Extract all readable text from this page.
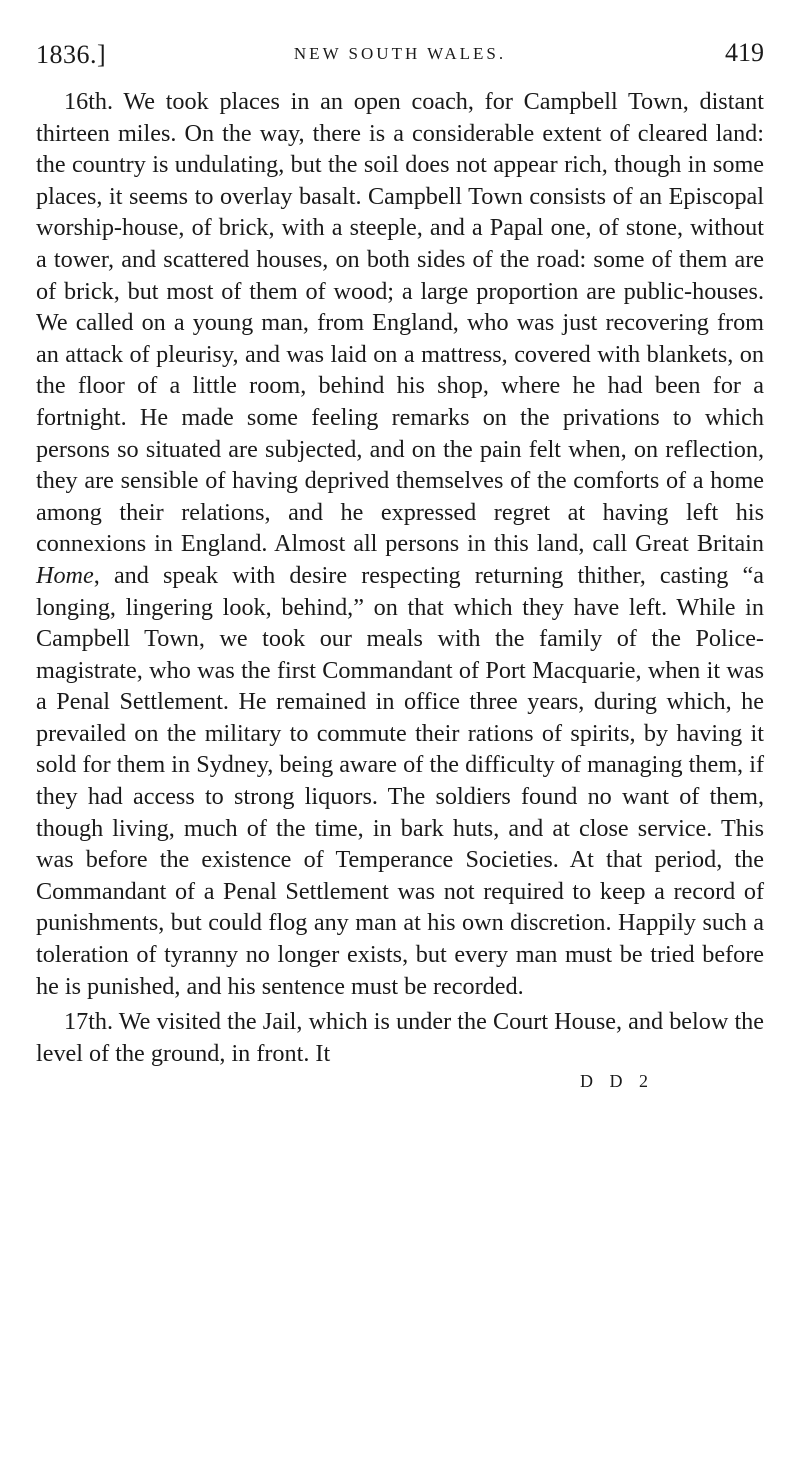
1836.]	NEW SOUTH WALES.	419

16th. We took places in an open coach, for Campbell Town, distant thirteen miles. On the way, there is a considerable extent of cleared land: the country is undulating, but the soil does not appear rich, though in some places, it seems to overlay basalt. Campbell Town consists of an Episcopal worship-house, of brick, with a steeple, and a Papal one, of stone, without a tower, and scattered houses, on both sides of the road: some of them are of brick, but most of them of wood; a large proportion are public-houses. We called on a young man, from England, who was just recovering from an attack of pleurisy, and was laid on a mattress, covered with blankets, on the floor of a little room, behind his shop, where he had been for a fortnight. He made some feeling remarks on the privations to which persons so situated are subjected, and on the pain felt when, on reflection, they are sensible of having deprived themselves of the comforts of a home among their relations, and he expressed regret at having left his connexions in England. Almost all persons in this land, call Great Britain Home, and speak with desire respecting returning thither, casting “a longing, lingering look, behind,” on that which they have left. While in Campbell Town, we took our meals with the family of the Police-magistrate, who was the first Commandant of Port Macquarie, when it was a Penal Settlement. He remained in office three years, during which, he prevailed on the military to commute their rations of spirits, by having it sold for them in Sydney, being aware of the difficulty of managing them, if they had access to strong liquors. The soldiers found no want of them, though living, much of the time, in bark huts, and at close service. This was before the existence of Temperance Societies. At that period, the Commandant of a Penal Settlement was not required to keep a record of punishments, but could flog any man at his own discretion. Happily such a toleration of tyranny no longer exists, but every man must be tried before he is punished, and his sentence must be recorded.

17th. We visited the Jail, which is under the Court House, and below the level of the ground, in front. It

D D 2
